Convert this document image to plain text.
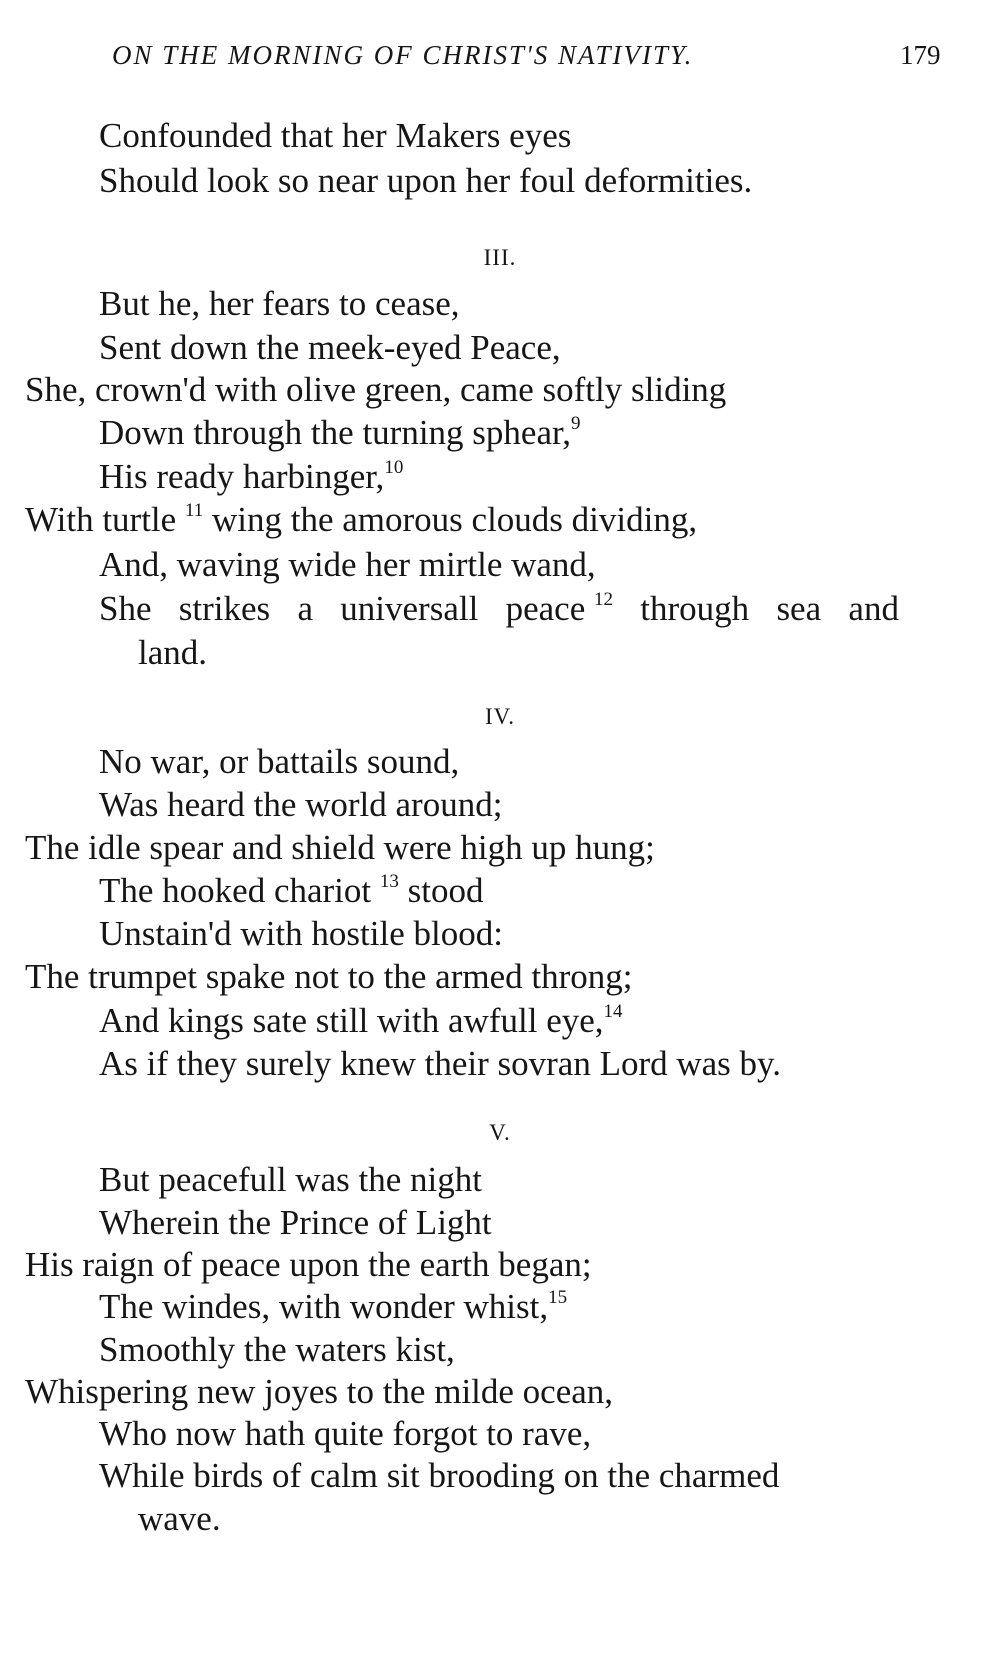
ON THE MORNING OF CHRIST'S NATIVITY.	179
Confounded that her Makers eyes
Should look so near upon her foul deformities.
III.
But he, her fears to cease,
Sent down the meek-eyed Peace,
She, crown'd with olive green, came softly sliding
Down through the turning sphear,$^9$
His ready harbinger,$^{10}$
With turtle $^{11}$ wing the amorous clouds dividing,
And, waving wide her mirtle wand,
She strikes a universall peace $^{12}$ through sea and
land.
IV.
No war, or battails sound,
Was heard the world around;
The idle spear and shield were high up hung;
The hooked chariot $^{13}$ stood
Unstain'd with hostile blood:
The trumpet spake not to the armed throng;
And kings sate still with awfull eye,$^{14}$
As if they surely knew their sovran Lord was by.
V.
But peacefull was the night
Wherein the Prince of Light
His raign of peace upon the earth began;
The windes, with wonder whist,$^{15}$
Smoothly the waters kist,
Whispering new joyes to the milde ocean,
Who now hath quite forgot to rave,
While birds of calm sit brooding on the charmed
wave.
